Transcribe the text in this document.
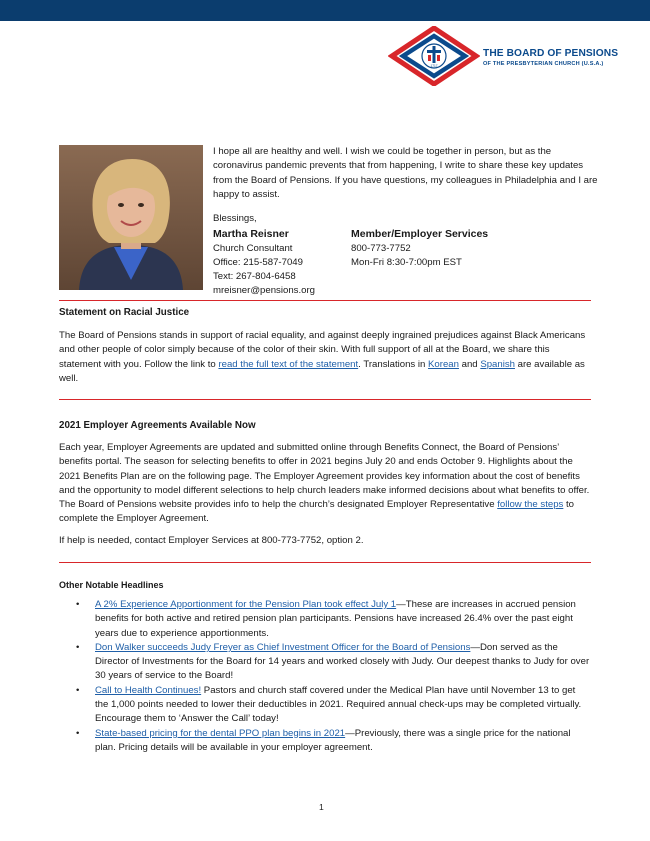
1717
THE BOARD OF PENSIONS
OF THE PRESBYTERIAN CHURCH (U.S.A.)

I hope all are healthy and well. I wish we could be together in person, but as the coronavirus pandemic prevents that from happening, I write to share these key updates from the Board of Pensions. If you have questions, my colleagues in Philadelphia and I are happy to assist.

Blessings,
Martha Reisner
Church Consultant
Office: 215-587-7049
Text: 267-804-6458
mreisner@pensions.org
Member/Employer Services
800-773-7752
Mon-Fri 8:30-7:00pm EST
Statement on Racial Justice

The Board of Pensions stands in support of racial equality, and against deeply ingrained prejudices against Black Americans and other people of color simply because of the color of their skin. With full support of all at the Board, we share this statement with you. Follow the link to read the full text of the statement. Translations in Korean and Spanish are available as well.

2021 Employer Agreements Available Now

Each year, Employer Agreements are updated and submitted online through Benefits Connect, the Board of Pensions’ benefits portal. The season for selecting benefits to offer in 2021 begins July 20 and ends October 9. Highlights about the 2021 Benefits Plan are on the following page. The Employer Agreement provides key information about the cost of benefits and the opportunity to model different selections to help church leaders make informed decisions about what benefits to offer. The Board of Pensions website provides info to help the church’s designated Employer Representative follow the steps to complete the Employer Agreement.

If help is needed, contact Employer Services at 800-773-7752, option 2.

Other Notable Headlines
• A 2% Experience Apportionment for the Pension Plan took effect July 1—These are increases in accrued pension benefits for both active and retired pension plan participants. Pensions have increased 26.4% over the past eight years due to experience apportionments.
• Don Walker succeeds Judy Freyer as Chief Investment Officer for the Board of Pensions—Don served as the Director of Investments for the Board for 14 years and worked closely with Judy. Our deepest thanks to Judy for over 30 years of service to the Board!
• Call to Health Continues! Pastors and church staff covered under the Medical Plan have until November 13 to get the 1,000 points needed to lower their deductibles in 2021. Required annual check-ups may be completed virtually. Encourage them to ‘Answer the Call’ today!
• State-based pricing for the dental PPO plan begins in 2021—Previously, there was a single price for the national plan. Pricing details will be available in your employer agreement.
1
